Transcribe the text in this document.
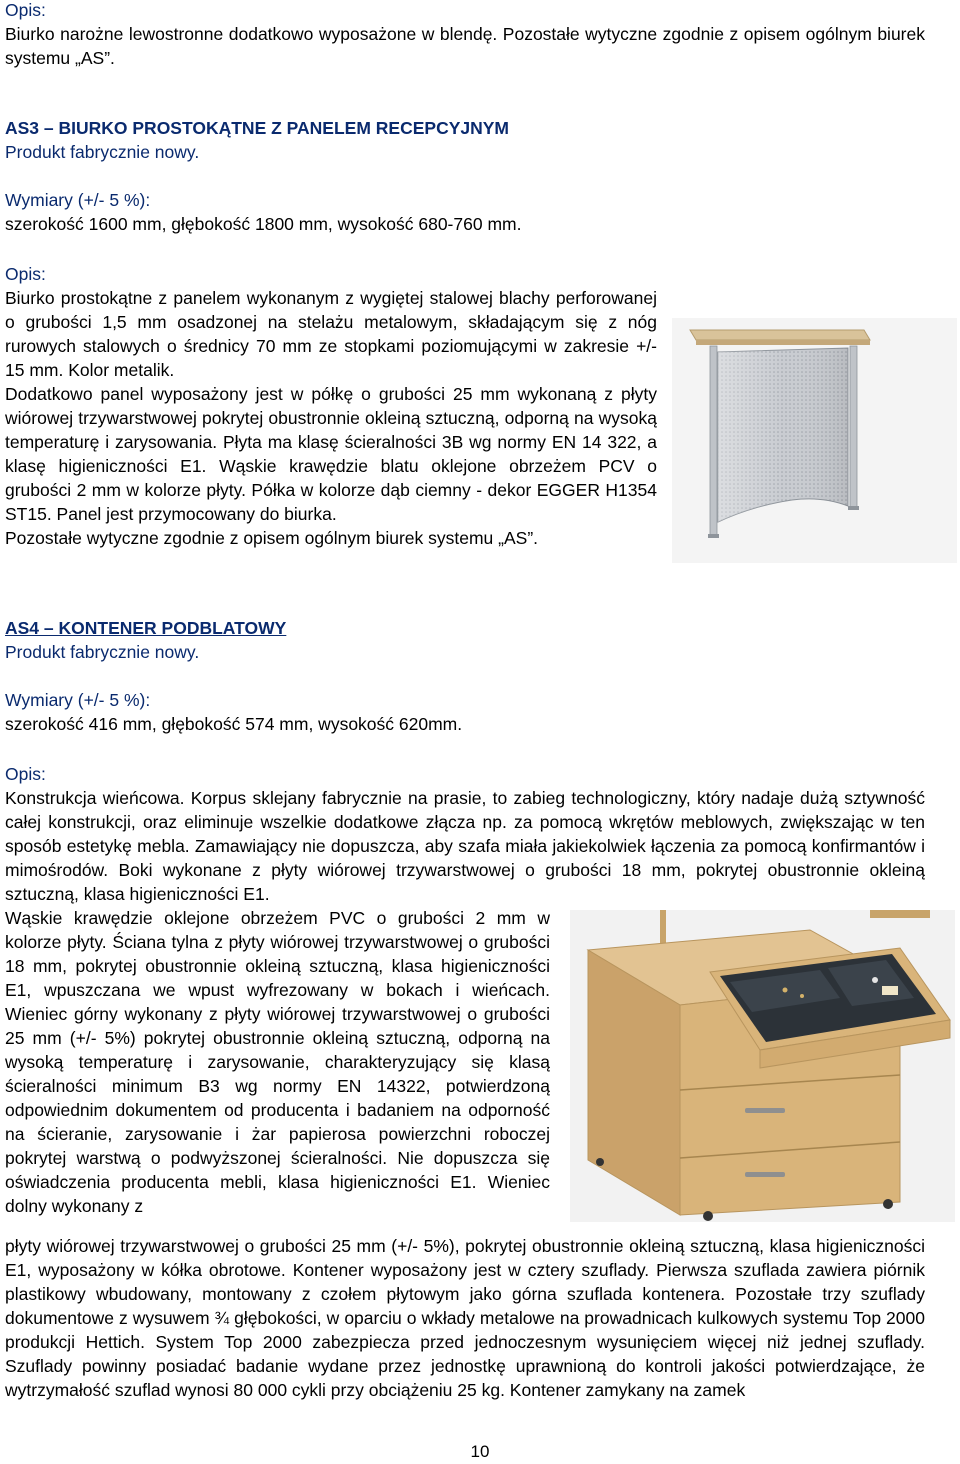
Opis:

Biurko narożne lewostronne dodatkowo wyposażone w blendę. Pozostałe wytyczne zgodnie z opisem ogólnym biurek systemu „AS”.

AS3 – BIURKO PROSTOKĄTNE Z PANELEM RECEPCYJNYM
Produkt fabrycznie nowy.
Wymiary (+/- 5 %):
szerokość 1600 mm, głębokość 1800 mm, wysokość 680-760 mm.
Opis:

Biurko prostokątne z panelem wykonanym z wygiętej stalowej blachy perforowanej o grubości 1,5 mm osadzonej na stelażu metalowym, składającym się z nóg rurowych stalowych o średnicy 70 mm ze stopkami poziomującymi w zakresie +/- 15 mm. Kolor metalik.

Dodatkowo panel wyposażony jest w półkę o grubości 25 mm wykonaną z płyty wiórowej trzywarstwowej pokrytej obustronnie okleiną sztuczną, odporną na wysoką temperaturę i zarysowania. Płyta ma klasę ścieralności 3B wg normy EN 14 322, a klasę higieniczności E1. Wąskie krawędzie blatu oklejone obrzeżem PCV o grubości 2 mm w kolorze płyty. Półka w kolorze dąb ciemny - dekor EGGER H1354 ST15. Panel jest przymocowany do biurka.

Pozostałe wytyczne zgodnie z opisem ogólnym biurek systemu „AS”.

AS4 – KONTENER PODBLATOWY
Produkt fabrycznie nowy.
Wymiary (+/- 5 %):
szerokość 416 mm, głębokość 574 mm, wysokość 620mm.
Opis:

Konstrukcja wieńcowa. Korpus sklejany fabrycznie na prasie, to zabieg technologiczny, który nadaje dużą sztywność całej konstrukcji, oraz eliminuje wszelkie dodatkowe złącza np. za pomocą wkrętów meblowych, zwiększając w ten sposób estetykę mebla. Zamawiający nie dopuszcza, aby szafa miała jakiekolwiek łączenia za pomocą konfirmantów i mimośrodów. Boki wykonane z płyty wiórowej trzywarstwowej o grubości 18 mm, pokrytej obustronnie okleiną sztuczną, klasa higieniczności E1.

Wąskie krawędzie oklejone obrzeżem PVC o grubości 2 mm w kolorze płyty. Ściana tylna z płyty wiórowej trzywarstwowej o grubości 18 mm, pokrytej obustronnie okleiną sztuczną, klasa higieniczności E1, wpuszczana we wpust wyfrezowany w bokach i wieńcach. Wieniec górny wykonany z płyty wiórowej trzywarstwowej o grubości 25 mm (+/- 5%) pokrytej obustronnie okleiną sztuczną, odporną na wysoką temperaturę i zarysowanie, charakteryzujący się klasą ścieralności minimum B3 wg normy EN 14322, potwierdzoną odpowiednim dokumentem od producenta i badaniem na odporność na ścieranie, zarysowanie i żar papierosa powierzchni roboczej pokrytej warstwą o podwyższonej ścieralności. Nie dopuszcza się oświadczenia producenta mebli, klasa higieniczności E1. Wieniec dolny wykonany z

płyty wiórowej trzywarstwowej o grubości 25 mm (+/- 5%), pokrytej obustronnie okleiną sztuczną, klasa higieniczności E1, wyposażony w kółka obrotowe. Kontener wyposażony jest w cztery szuflady. Pierwsza szuflada zawiera piórnik plastikowy wbudowany, montowany z czołem płytowym jako górna szuflada kontenera. Pozostałe trzy szuflady dokumentowe z wysuwem ¾ głębokości, w oparciu o wkłady metalowe na prowadnicach kulkowych systemu Top 2000 produkcji Hettich. System Top 2000 zabezpiecza przed jednoczesnym wysunięciem więcej niż jednej szuflady. Szuflady powinny posiadać badanie wydane przez jednostkę uprawnioną do kontroli jakości potwierdzające, że wytrzymałość szuflad wynosi 80 000 cykli przy obciążeniu 25 kg. Kontener zamykany na zamek

10
